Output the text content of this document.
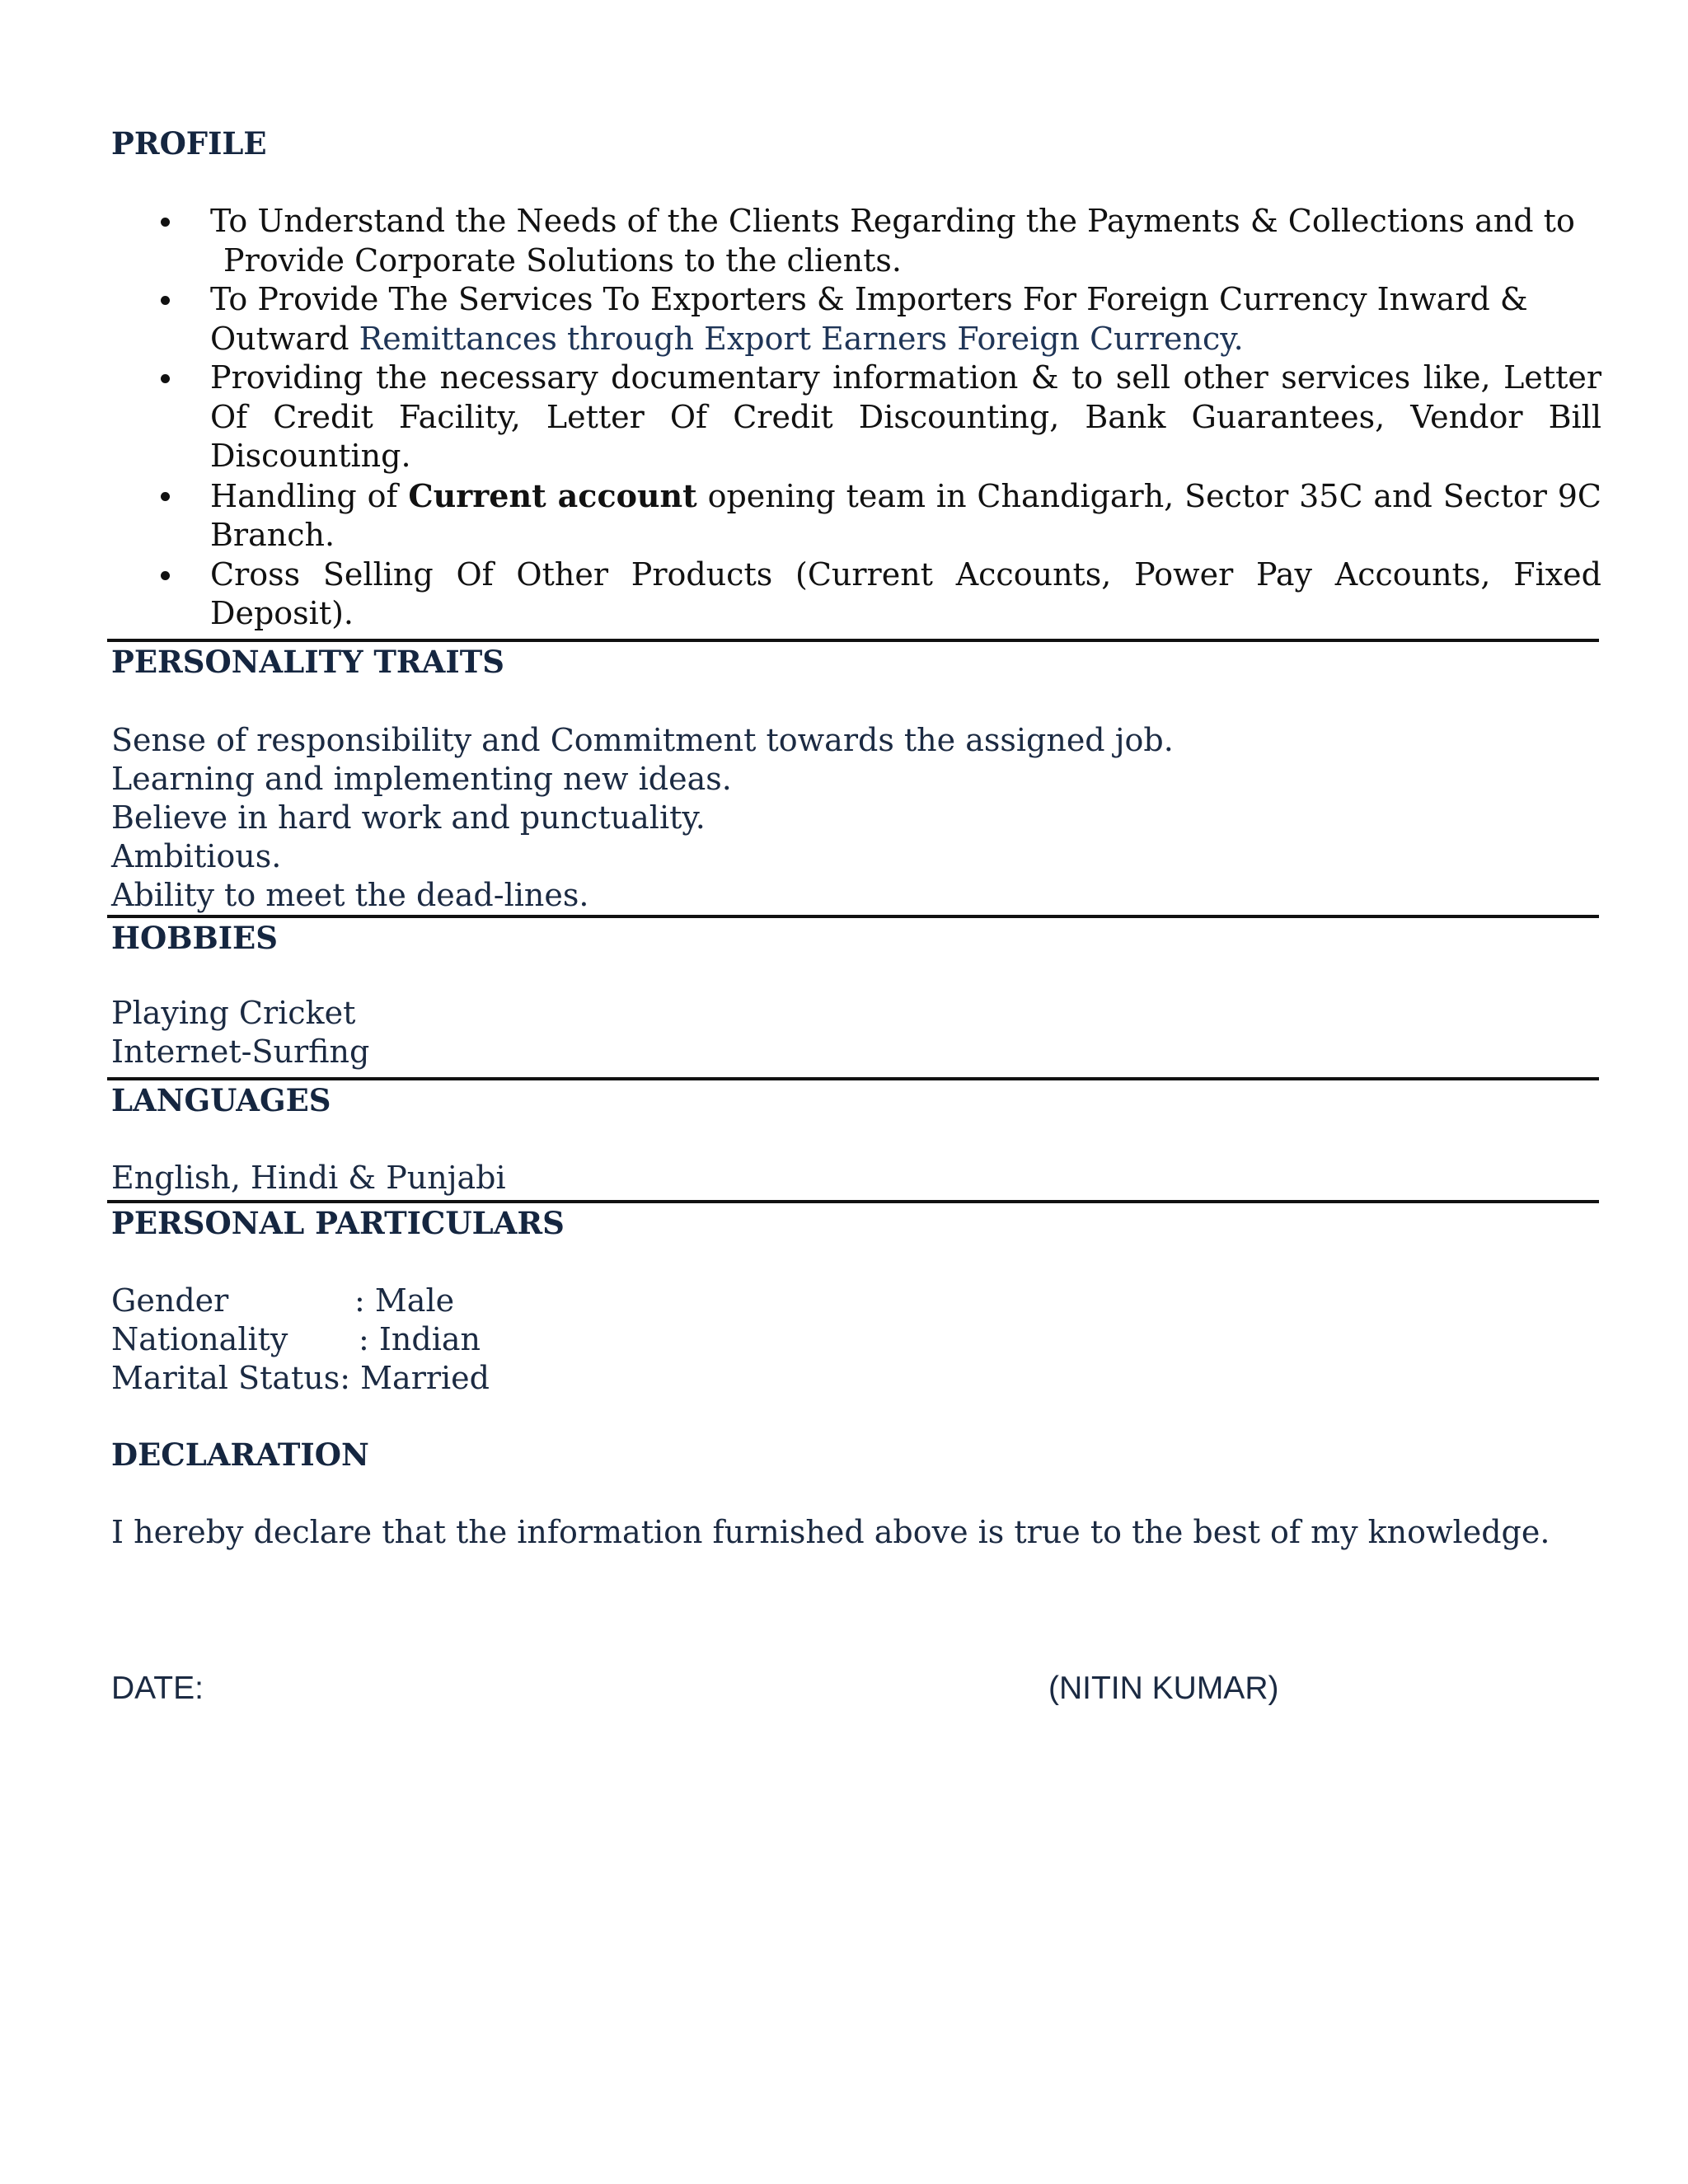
PROFILE
To Understand the Needs of the Clients Regarding the Payments & Collections and to
Provide Corporate Solutions to the clients.
To Provide The Services To Exporters & Importers For Foreign Currency Inward &
Outward Remittances through Export Earners Foreign Currency.
Providing the necessary documentary information & to sell other services like, Letter Of Credit Facility, Letter Of Credit Discounting, Bank Guarantees, Vendor Bill Discounting.
Handling of Current account opening team in Chandigarh, Sector 35C and Sector 9C Branch.
Cross Selling Of Other Products (Current Accounts, Power Pay Accounts, Fixed Deposit).
PERSONALITY TRAITS
Sense of responsibility and Commitment towards the assigned job.
Learning and implementing new ideas.
Believe in hard work and punctuality.
Ambitious.
Ability to meet the dead-lines.
HOBBIES
Playing Cricket
Internet-Surfing
LANGUAGES
English, Hindi & Punjabi
PERSONAL PARTICULARS
Gender	: Male
Nationality : Indian
Marital Status: Married
DECLARATION
I hereby declare that the information furnished above is true to the best of my knowledge.
DATE:	(NITIN KUMAR)
